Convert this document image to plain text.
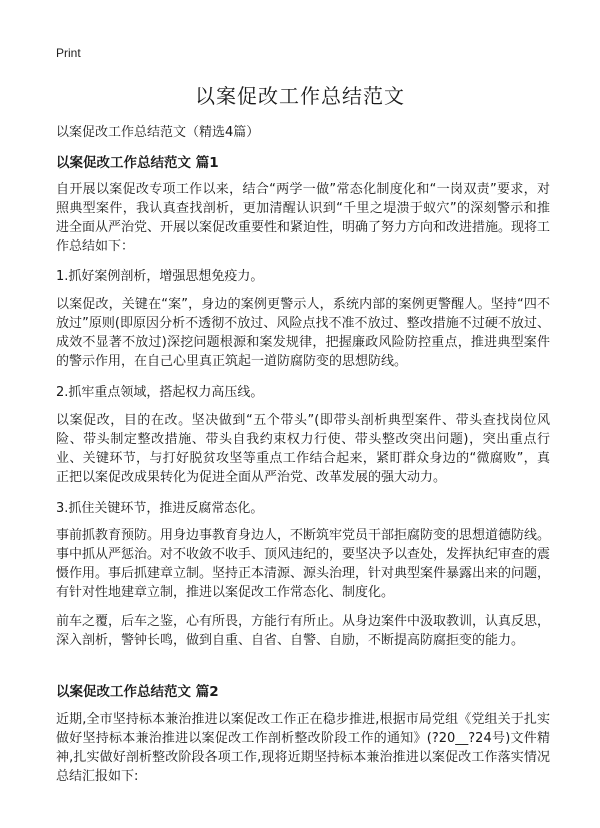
Print
以案促改工作总结范文
以案促改工作总结范文（精选4篇）
以案促改工作总结范文 篇1

自开展以案促改专项工作以来，结合“两学一做”常态化制度化和“一岗双责”要求，对照典型案件，我认真查找剖析，更加清醒认识到“千里之堤溃于蚁穴”的深刻警示和推进全面从严治党、开展以案促改重要性和紧迫性，明确了努力方向和改进措施。现将工作总结如下：

1.抓好案例剖析，增强思想免疫力。

以案促改，关键在“案”，身边的案例更警示人，系统内部的案例更警醒人。坚持“四不放过”原则(即原因分析不透彻不放过、风险点找不准不放过、整改措施不过硬不放过、成效不显著不放过)深挖问题根源和案发规律，把握廉政风险防控重点，推进典型案件的警示作用，在自己心里真正筑起一道防腐防变的思想防线。

2.抓牢重点领域，搭起权力高压线。

以案促改，目的在改。坚决做到“五个带头”(即带头剖析典型案件、带头查找岗位风险、带头制定整改措施、带头自我约束权力行使、带头整改突出问题)，突出重点行业、关键环节，与打好脱贫攻坚等重点工作结合起来，紧盯群众身边的“微腐败”，真正把以案促改成果转化为促进全面从严治党、改革发展的强大动力。

3.抓住关键环节，推进反腐常态化。

事前抓教育预防。用身边事教育身边人，不断筑牢党员干部拒腐防变的思想道德防线。事中抓从严惩治。对不收敛不收手、顶风违纪的，要坚决予以查处，发挥执纪审查的震慑作用。事后抓建章立制。坚持正本清源、源头治理，针对典型案件暴露出来的问题，有针对性地建章立制，推进以案促改工作常态化、制度化。

前车之覆，后车之鉴，心有所畏，方能行有所止。从身边案件中汲取教训，认真反思，深入剖析，警钟长鸣，做到自重、自省、自警、自励，不断提高防腐拒变的能力。

以案促改工作总结范文 篇2

近期,全市坚持标本兼治推进以案促改工作正在稳步推进,根据市局党组《党组关于扎实做好坚持标本兼治推进以案促改工作剖析整改阶段工作的通知》(?20__?24号)文件精神,扎实做好剖析整改阶段各项工作,现将近期坚持标本兼治推进以案促改工作落实情况总结汇报如下:
